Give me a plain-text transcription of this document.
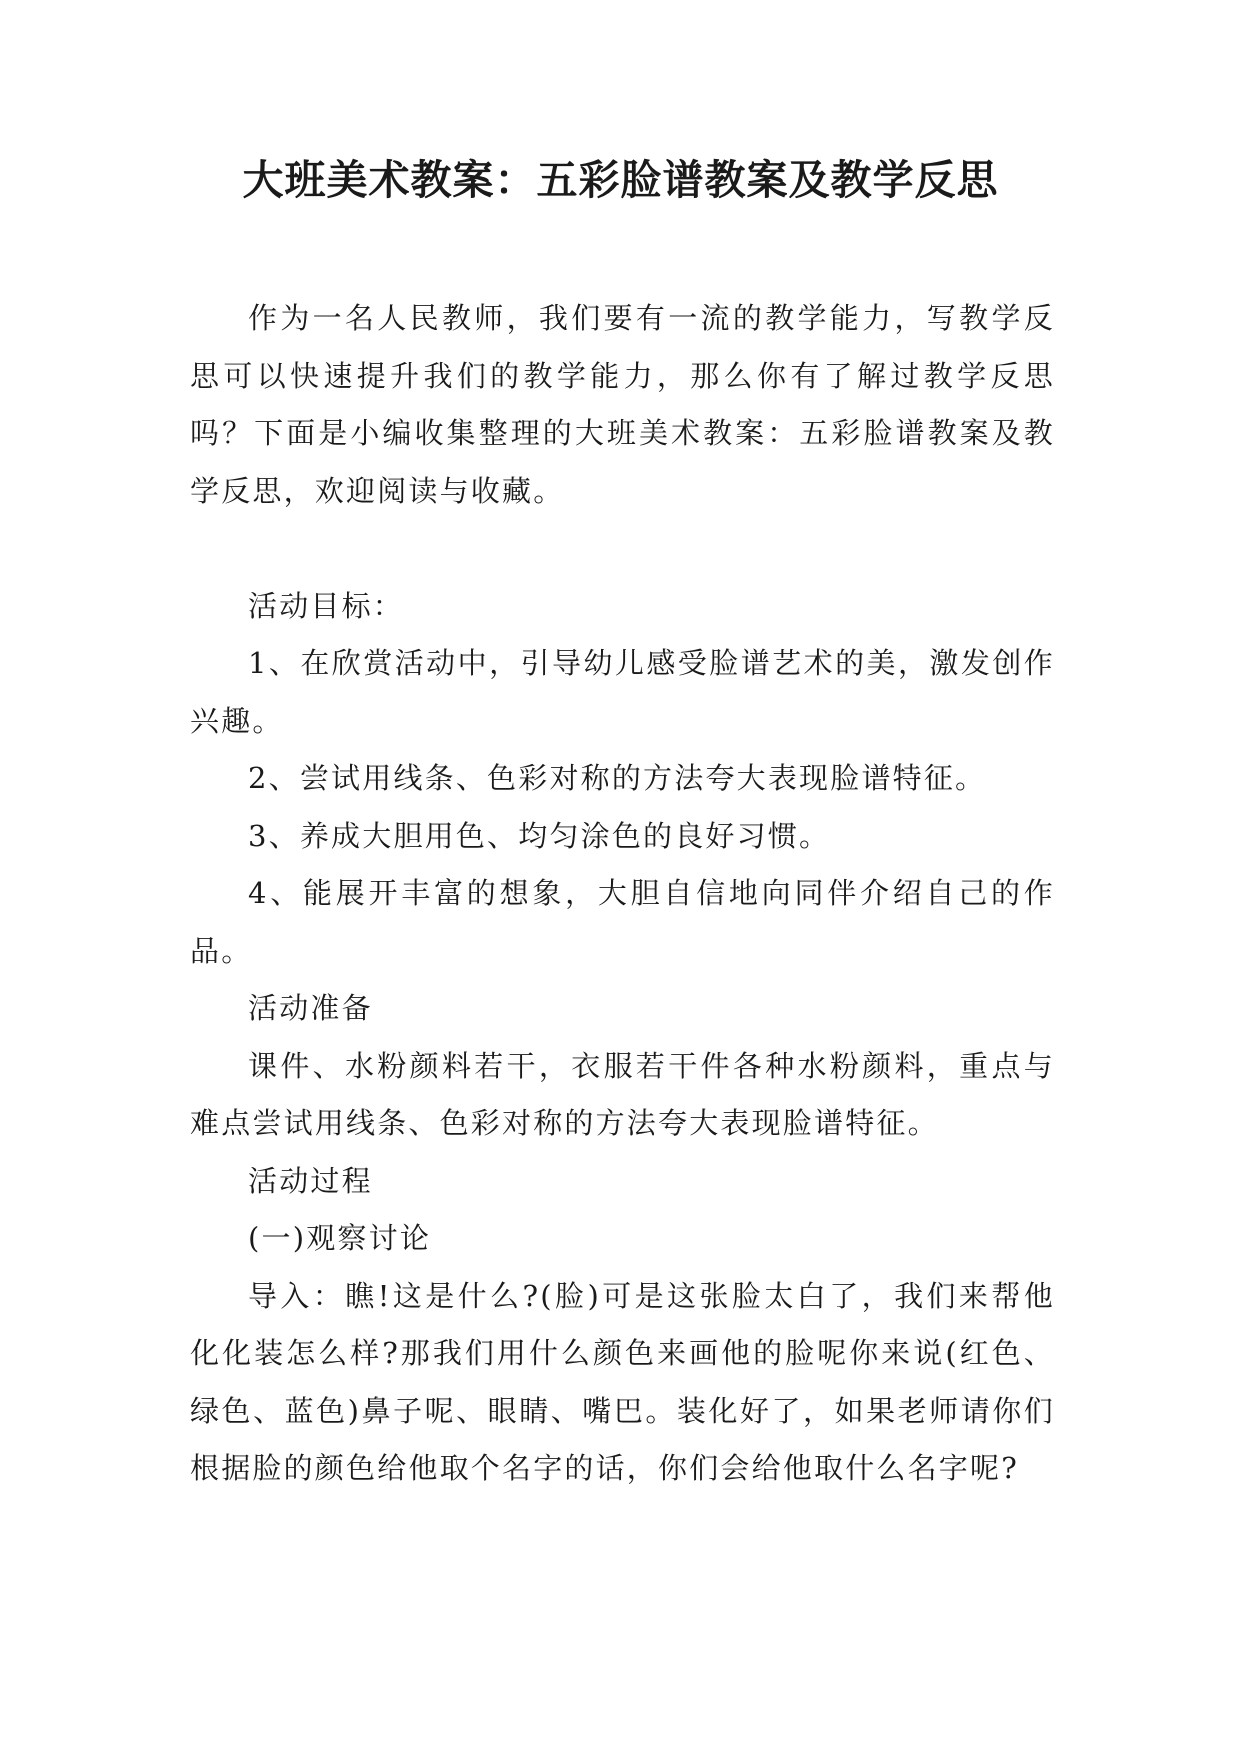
大班美术教案：五彩脸谱教案及教学反思

作为一名人民教师，我们要有一流的教学能力，写教学反思可以快速提升我们的教学能力，那么你有了解过教学反思吗？下面是小编收集整理的大班美术教案：五彩脸谱教案及教学反思，欢迎阅读与收藏。

活动目标：

1、在欣赏活动中，引导幼儿感受脸谱艺术的美，激发创作兴趣。

2、尝试用线条、色彩对称的方法夸大表现脸谱特征。

3、养成大胆用色、均匀涂色的良好习惯。

4、能展开丰富的想象，大胆自信地向同伴介绍自己的作品。

活动准备

课件、水粉颜料若干，衣服若干件各种水粉颜料，重点与难点尝试用线条、色彩对称的方法夸大表现脸谱特征。

活动过程

(一)观察讨论

导入：瞧!这是什么?(脸)可是这张脸太白了，我们来帮他化化装怎么样?那我们用什么颜色来画他的脸呢你来说(红色、绿色、蓝色)鼻子呢、眼睛、嘴巴。装化好了，如果老师请你们根据脸的颜色给他取个名字的话，你们会给他取什么名字呢?
